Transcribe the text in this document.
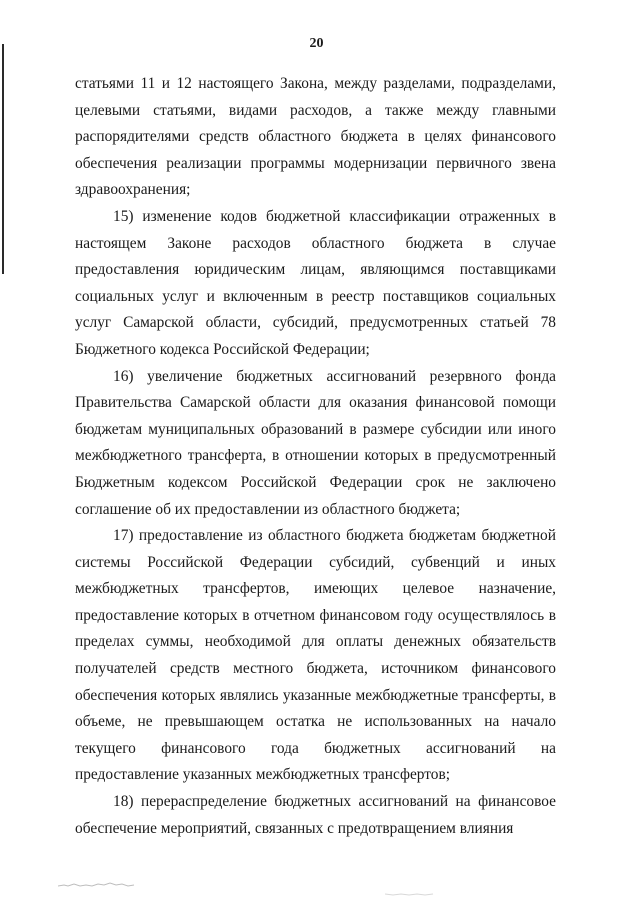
20

статьями 11 и 12 настоящего Закона, между разделами, подразделами, целевыми статьями, видами расходов, а также между главными распорядителями средств областного бюджета в целях финансового обеспечения реализации программы модернизации первичного звена здравоохранения;

15) изменение кодов бюджетной классификации отраженных в настоящем Законе расходов областного бюджета в случае предоставления юридическим лицам, являющимся поставщиками социальных услуг и включенным в реестр поставщиков социальных услуг Самарской области, субсидий, предусмотренных статьей 78 Бюджетного кодекса Российской Федерации;

16) увеличение бюджетных ассигнований резервного фонда Правительства Самарской области для оказания финансовой помощи бюджетам муниципальных образований в размере субсидии или иного межбюджетного трансферта, в отношении которых в предусмотренный Бюджетным кодексом Российской Федерации срок не заключено соглашение об их предоставлении из областного бюджета;

17) предоставление из областного бюджета бюджетам бюджетной системы Российской Федерации субсидий, субвенций и иных межбюджетных трансфертов, имеющих целевое назначение, предоставление которых в отчетном финансовом году осуществлялось в пределах суммы, необходимой для оплаты денежных обязательств получателей средств местного бюджета, источником финансового обеспечения которых являлись указанные межбюджетные трансферты, в объеме, не превышающем остатка не использованных на начало текущего финансового года бюджетных ассигнований на предоставление указанных межбюджетных трансфертов;

18) перераспределение бюджетных ассигнований на финансовое обеспечение мероприятий, связанных с предотвращением влияния
